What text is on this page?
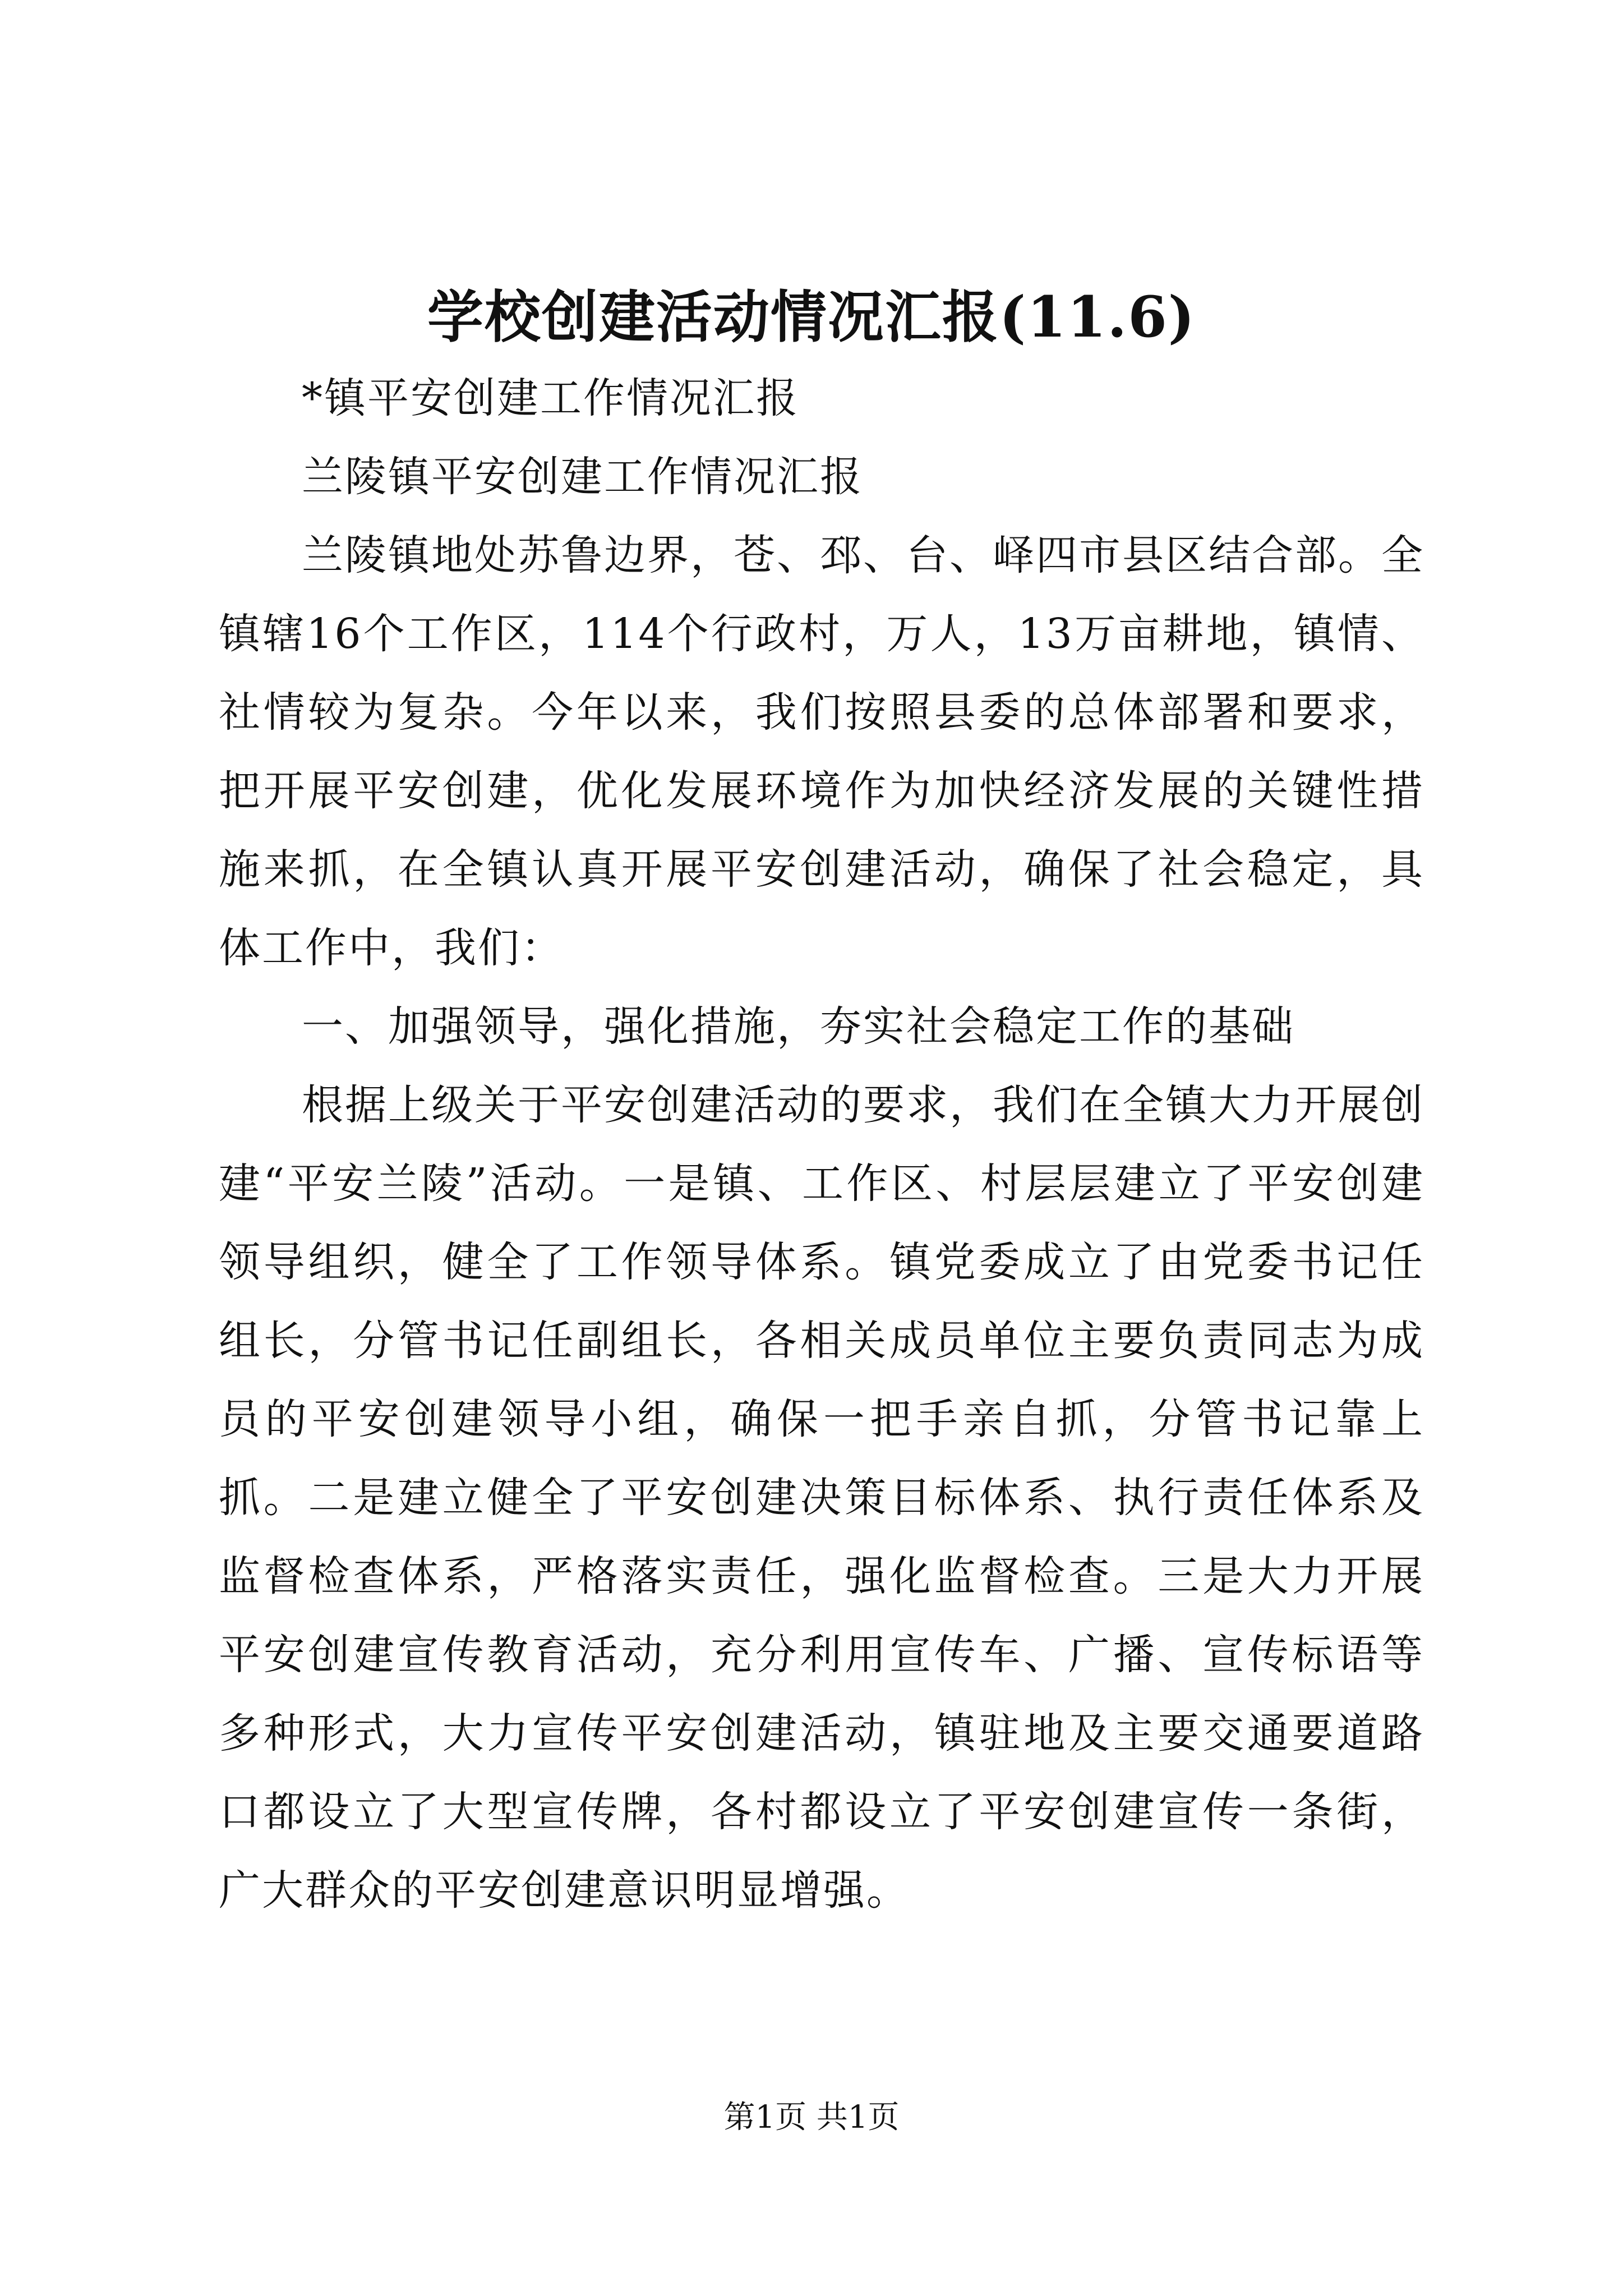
学校创建活动情况汇报(11.6)

*镇平安创建工作情况汇报

兰陵镇平安创建工作情况汇报

兰陵镇地处苏鲁边界，苍、邳、台、峄四市县区结合部。全镇辖16个工作区，114个行政村，万人，13万亩耕地，镇情、社情较为复杂。今年以来，我们按照县委的总体部署和要求，把开展平安创建，优化发展环境作为加快经济发展的关键性措施来抓，在全镇认真开展平安创建活动，确保了社会稳定，具体工作中，我们：

一、加强领导，强化措施，夯实社会稳定工作的基础

根据上级关于平安创建活动的要求，我们在全镇大力开展创建“平安兰陵”活动。一是镇、工作区、村层层建立了平安创建领导组织，健全了工作领导体系。镇党委成立了由党委书记任组长，分管书记任副组长，各相关成员单位主要负责同志为成员的平安创建领导小组，确保一把手亲自抓，分管书记靠上抓。二是建立健全了平安创建决策目标体系、执行责任体系及监督检查体系，严格落实责任，强化监督检查。三是大力开展平安创建宣传教育活动，充分利用宣传车、广播、宣传标语等多种形式，大力宣传平安创建活动，镇驻地及主要交通要道路口都设立了大型宣传牌，各村都设立了平安创建宣传一条街，广大群众的平安创建意识明显增强。

第1页 共1页
